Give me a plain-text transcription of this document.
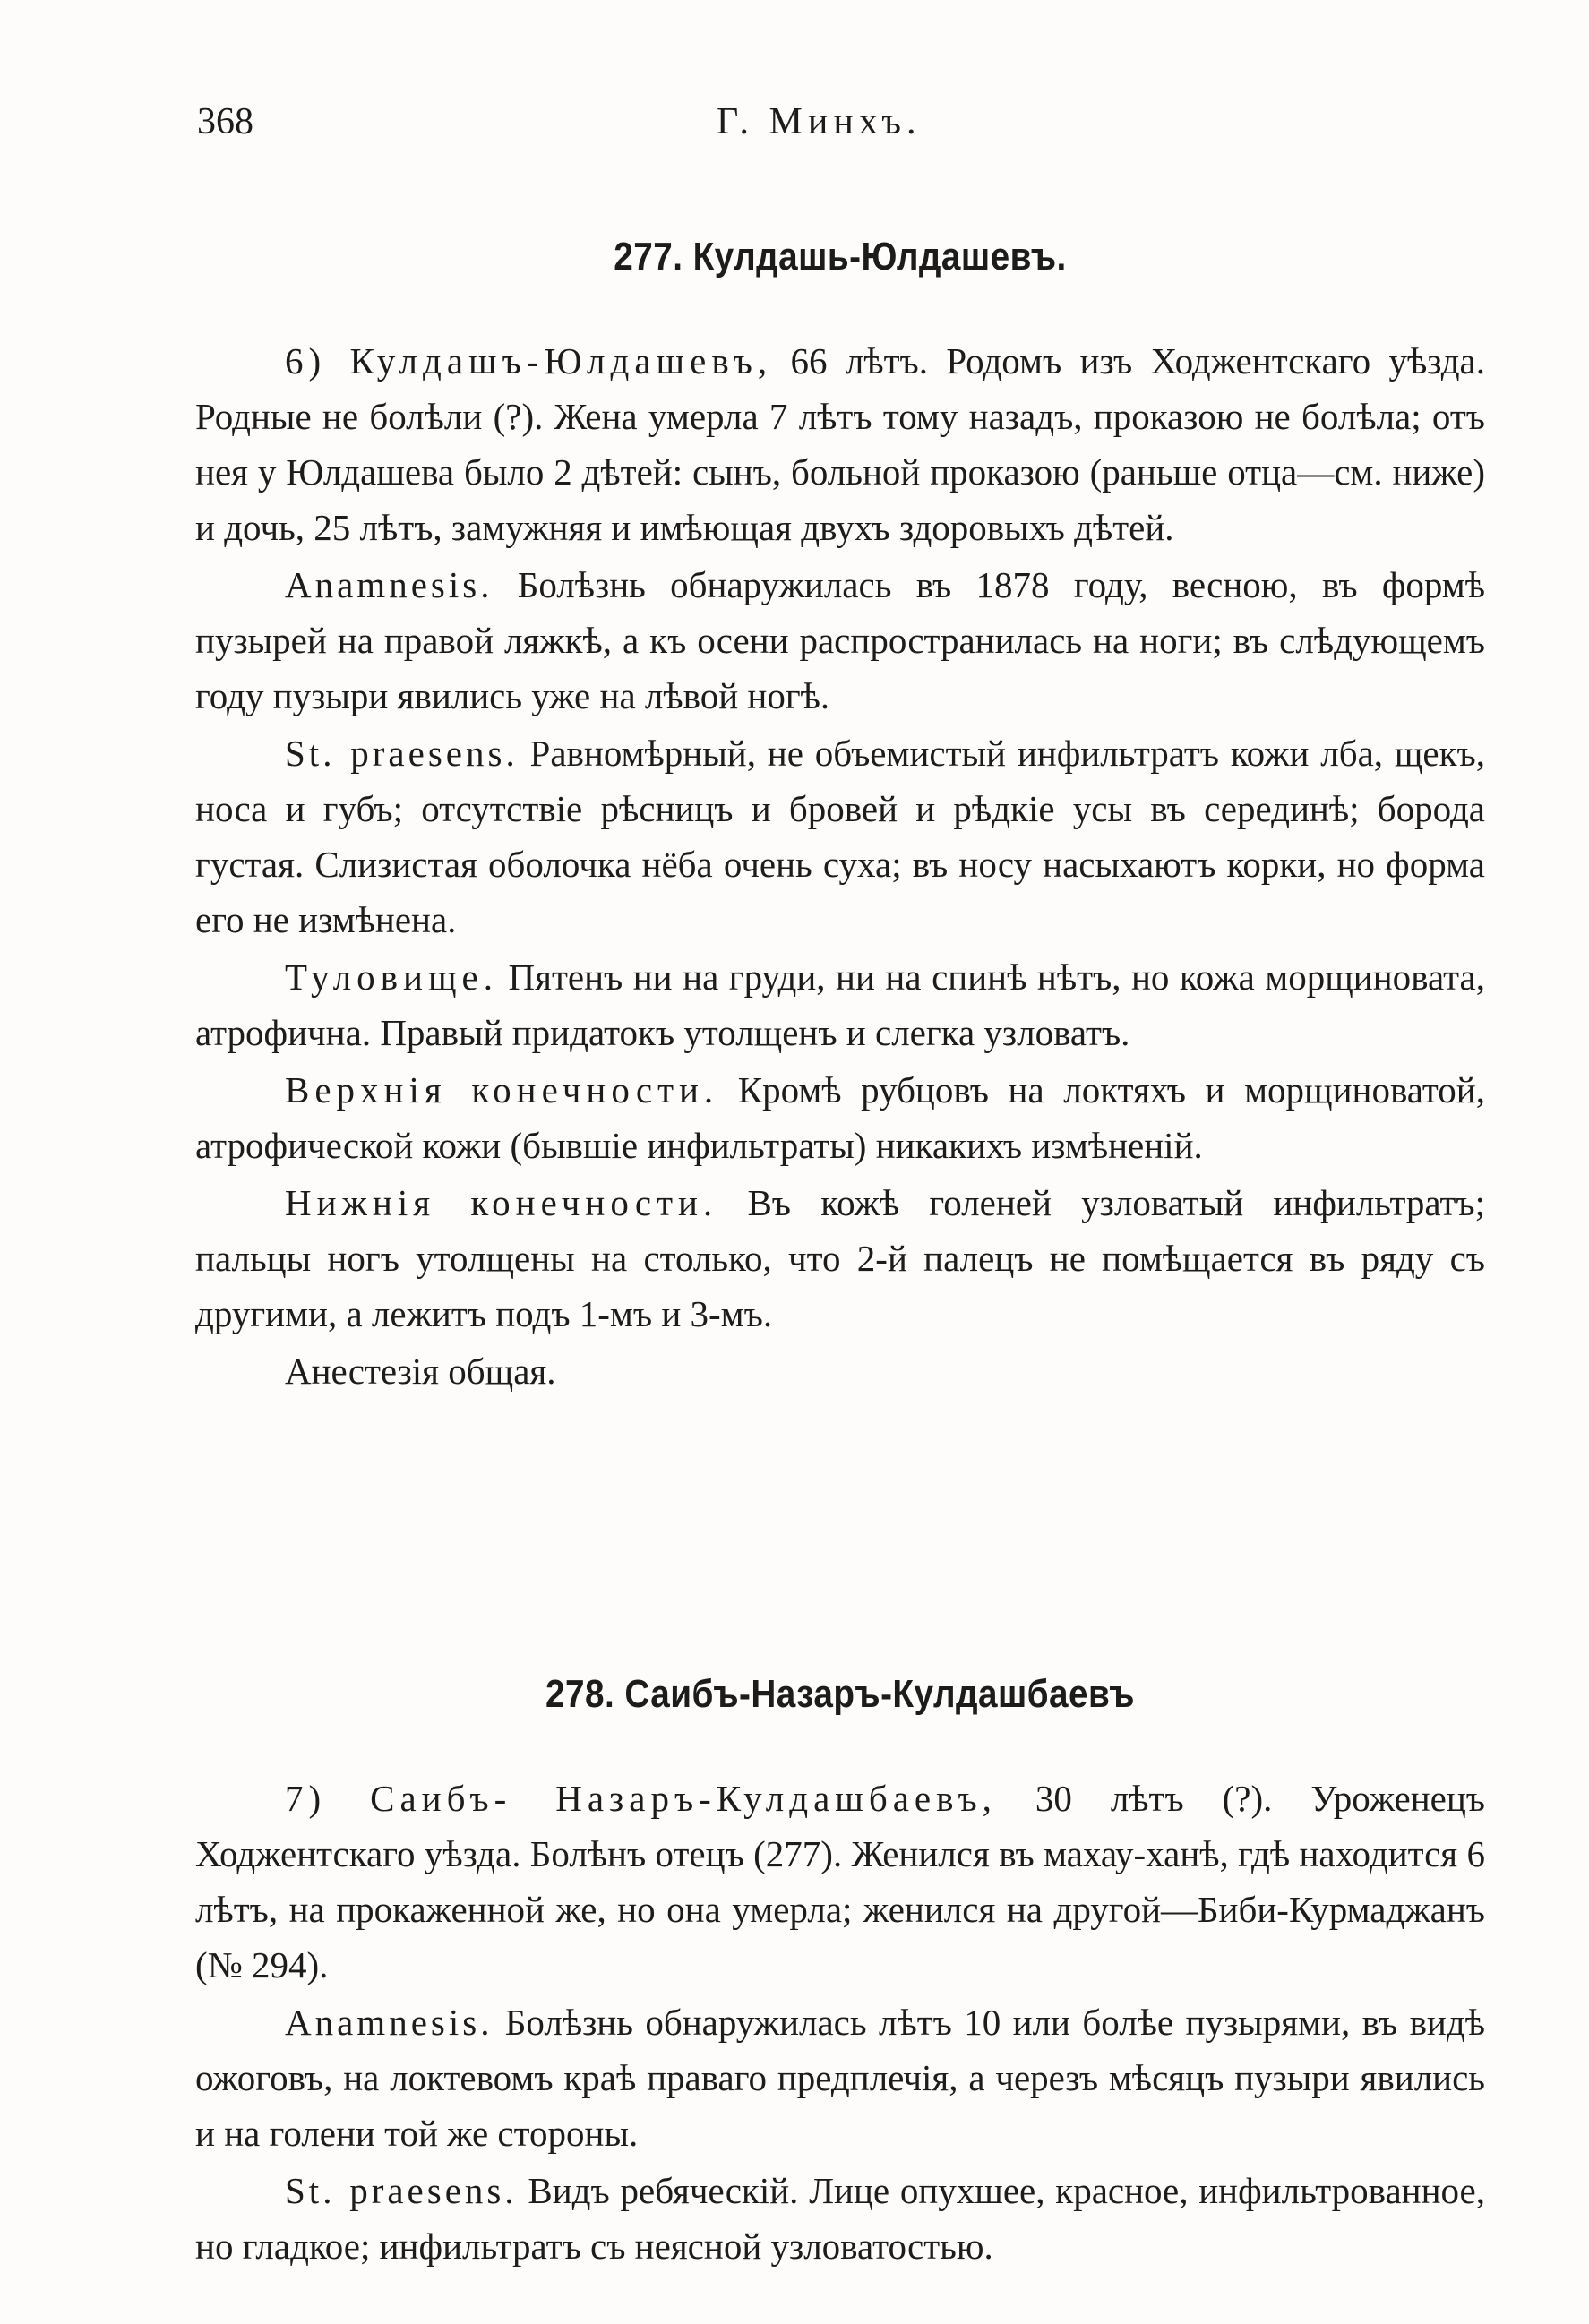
368	Г. Минхъ.
277. Кулдашь-Юлдашевъ.

6) Кулдашъ-Юлдашевъ, 66 лѣтъ. Родомъ изъ Ходжентскаго уѣзда. Родные не болѣли (?). Жена умерла 7 лѣтъ тому назадъ, проказою не болѣла; отъ нея у Юлдашева было 2 дѣтей: сынъ, больной проказою (раньше отца—см. ниже) и дочь, 25 лѣтъ, замужняя и имѣющая двухъ здоровыхъ дѣтей.

Anamnesis. Болѣзнь обнаружилась въ 1878 году, весною, въ формѣ пузырей на правой ляжкѣ, а къ осени распространилась на ноги; въ слѣдующемъ году пузыри явились уже на лѣвой ногѣ.

St. praesens. Равномѣрный, не объемистый инфильтратъ кожи лба, щекъ, носа и губъ; отсутствіе рѣсницъ и бровей и рѣдкіе усы въ серединѣ; борода густая. Слизистая оболочка нёба очень суха; въ носу насыхаютъ корки, но форма его не измѣнена.

Туловище. Пятенъ ни на груди, ни на спинѣ нѣтъ, но кожа морщиновата, атрофична. Правый придатокъ утолщенъ и слегка узловатъ.

Верхнія конечности. Кромѣ рубцовъ на локтяхъ и морщиноватой, атрофической кожи (бывшіе инфильтраты) никакихъ измѣненій.

Нижнія конечности. Въ кожѣ голеней узловатый инфильтратъ; пальцы ногъ утолщены на столько, что 2-й палецъ не помѣщается въ ряду съ другими, а лежитъ подъ 1-мъ и 3-мъ.

Анестезія общая.

278. Саибъ-Назаръ-Кулдашбаевъ

7) Саибъ- Назаръ-Кулдашбаевъ, 30 лѣтъ (?). Уроженецъ Ходжентскаго уѣзда. Болѣнъ отецъ (277). Женился въ махау-ханѣ, гдѣ находится 6 лѣтъ, на прокаженной же, но она умерла; женился на другой—Биби-Курмаджанъ (№ 294).

Anamnesis. Болѣзнь обнаружилась лѣтъ 10 или болѣе пузырями, въ видѣ ожоговъ, на локтевомъ краѣ праваго предплечія, а черезъ мѣсяцъ пузыри явились и на голени той же стороны.

St. praesens. Видъ ребяческій. Лице опухшее, красное, инфильтрованное, но гладкое; инфильтратъ съ неясной узловатостью.
